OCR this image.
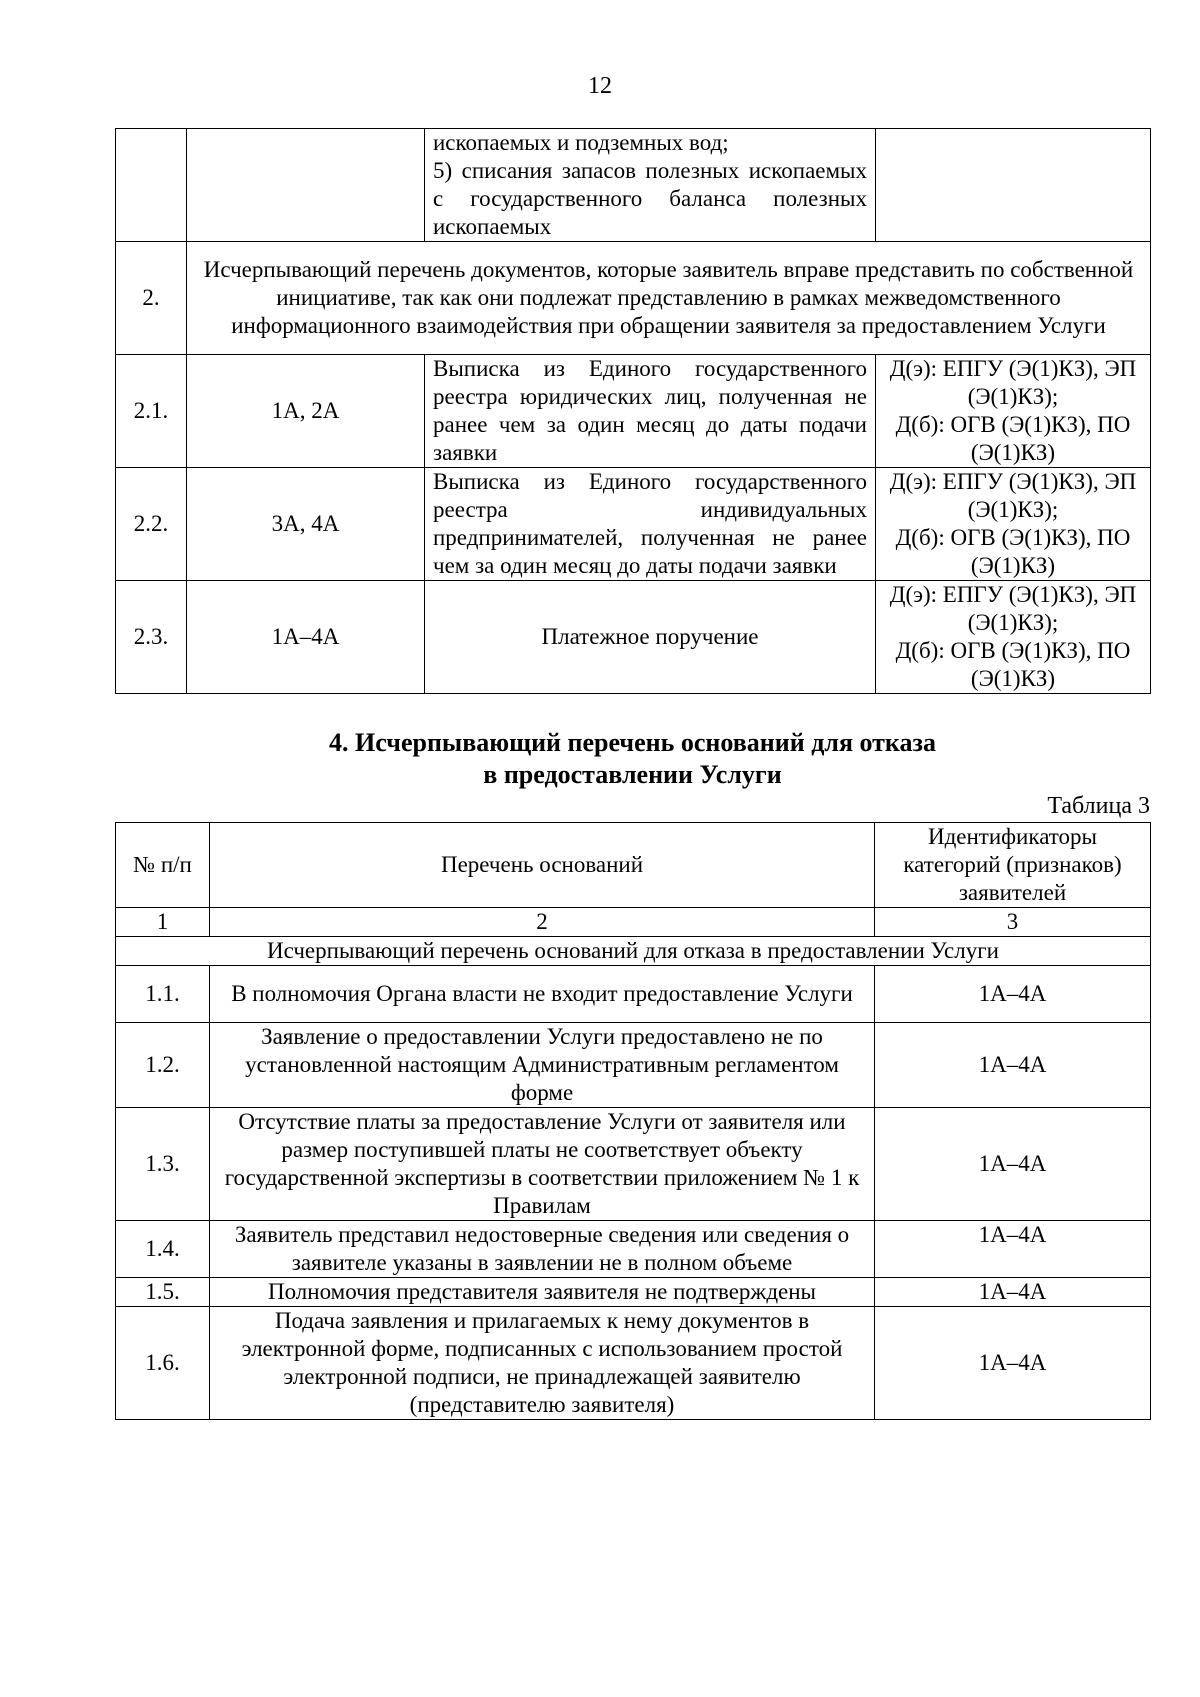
12
		ископаемых и подземных вод;
5) списания запасов полезных ископаемых с государственного баланса полезных ископаемых	
2.	Исчерпывающий перечень документов, которые заявитель вправе представить по собственной инициативе, так как они подлежат представлению в рамках межведомственного информационного взаимодействия при обращении заявителя за предоставлением Услуги		
2.1.	1А, 2А	Выписка из Единого государственного реестра юридических лиц, полученная не ранее чем за один месяц до даты подачи заявки	Д(э): ЕПГУ (Э(1)КЗ), ЭП (Э(1)КЗ);
Д(б): ОГВ (Э(1)КЗ), ПО (Э(1)КЗ)
2.2.	3А, 4А	Выписка из Единого государственного реестра индивидуальных предпринимателей, полученная не ранее чем за один месяц до даты подачи заявки	Д(э): ЕПГУ (Э(1)КЗ), ЭП (Э(1)КЗ);
Д(б): ОГВ (Э(1)КЗ), ПО (Э(1)КЗ)
2.3.	1А–4А	Платежное поручение	Д(э): ЕПГУ (Э(1)КЗ), ЭП (Э(1)КЗ);
Д(б): ОГВ (Э(1)КЗ), ПО (Э(1)КЗ)
4. Исчерпывающий перечень оснований для отказа
в предоставлении Услуги
Таблица 3
№ п/п	Перечень оснований	Идентификаторы категорий (признаков) заявителей
1	2	3
Исчерпывающий перечень оснований для отказа в предоставлении Услуги		
1.1.	В полномочия Органа власти не входит предоставление Услуги	1А–4А
1.2.	Заявление о предоставлении Услуги предоставлено не по установленной настоящим Административным регламентом форме	1А–4А
1.3.	Отсутствие платы за предоставление Услуги от заявителя или размер поступившей платы не соответствует объекту государственной экспертизы в соответствии приложением № 1 к Правилам	1А–4А
1.4.	Заявитель представил недостоверные сведения или сведения о заявителе указаны в заявлении не в полном объеме	1А–4А
1.5.	Полномочия представителя заявителя не подтверждены	1А–4А
1.6.	Подача заявления и прилагаемых к нему документов в электронной форме, подписанных с использованием простой электронной подписи, не принадлежащей заявителю (представителю заявителя)	1А–4А
